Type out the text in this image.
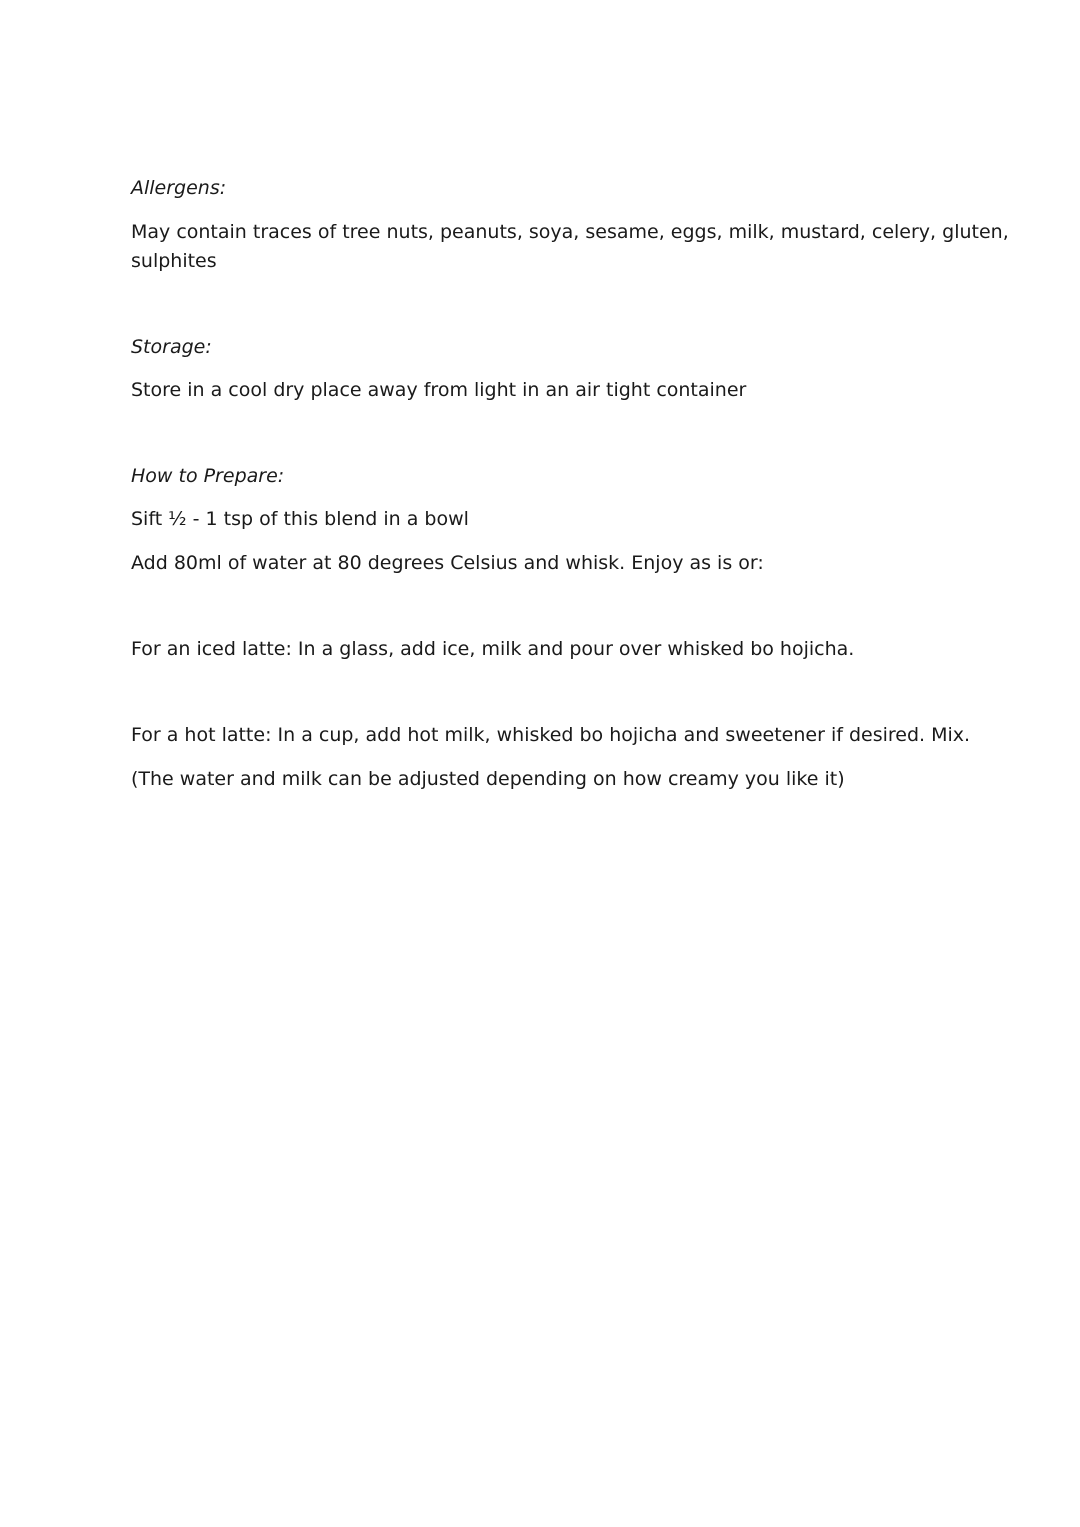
Allergens:

May contain traces of tree nuts, peanuts, soya, sesame, eggs, milk, mustard, celery, gluten,

sulphites

Storage:

Store in a cool dry place away from light in an air tight container

How to Prepare:

Sift ½ - 1 tsp of this blend in a bowl

Add 80ml of water at 80 degrees Celsius and whisk. Enjoy as is or:

For an iced latte: In a glass, add ice, milk and pour over whisked bo hojicha.

For a hot latte: In a cup, add hot milk, whisked bo hojicha and sweetener if desired. Mix.

(The water and milk can be adjusted depending on how creamy you like it)
